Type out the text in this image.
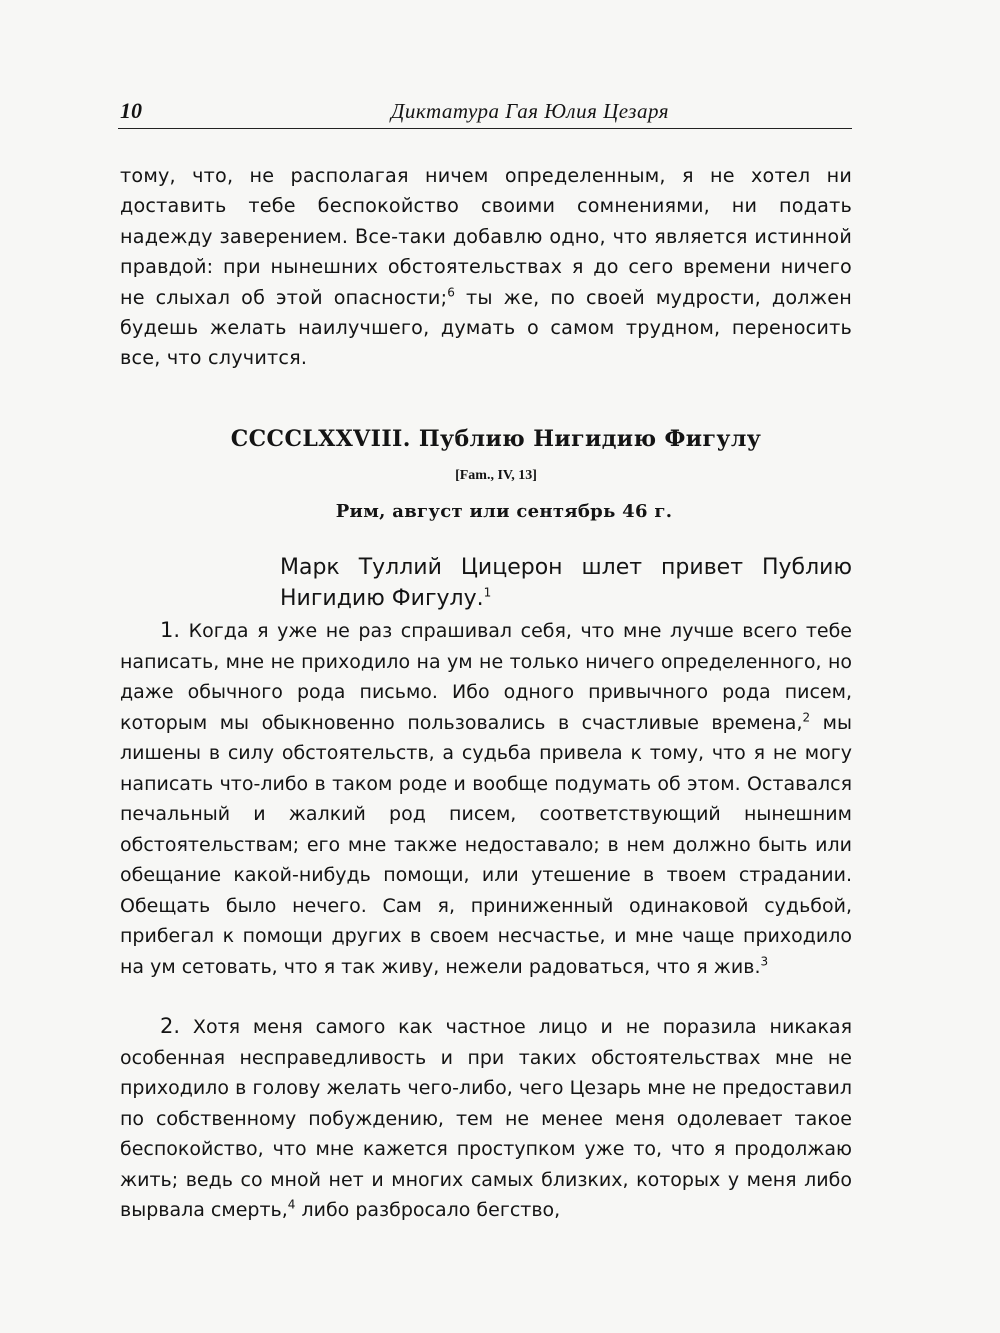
10	Диктатура Гая Юлия Цезаря

тому, что, не располагая ничем определенным, я не хотел ни доставить тебе беспокойство своими сомнениями, ни подать надежду заверением. Все-таки добавлю одно, что является истинной правдой: при нынешних обстоятельствах я до сего времени ничего не слыхал об этой опасности;$^6$ ты же, по своей мудрости, должен будешь желать наилучшего, думать о самом трудном, переносить все, что случится.

CCCCLXXVIII. Публию Нигидию Фигулу
[Fam., IV, 13]
Рим, август или сентябрь 46 г.

Марк Туллий Цицерон шлет привет Публию Нигидию Фигулу.$^1$

1. Когда я уже не раз спрашивал себя, что мне лучше всего тебе написать, мне не приходило на ум не только ничего определенного, но даже обычного рода письмо. Ибо одного привычного рода писем, которым мы обыкновенно пользовались в счастливые времена,$^2$ мы лишены в силу обстоятельств, а судьба привела к тому, что я не могу написать что-либо в таком роде и вообще подумать об этом. Оставался печальный и жалкий род писем, соответствующий нынешним обстоятельствам; его мне также недоставало; в нем должно быть или обещание какой-нибудь помощи, или утешение в твоем страдании. Обещать было нечего. Сам я, приниженный одинаковой судьбой, прибегал к помощи других в своем несчастье, и мне чаще приходило на ум сетовать, что я так живу, нежели радоваться, что я жив.$^3$

2. Хотя меня самого как частное лицо и не поразила никакая особенная несправедливость и при таких обстоятельствах мне не приходило в голову желать чего-либо, чего Цезарь мне не предоставил по собственному побуждению, тем не менее меня одолевает такое беспокойство, что мне кажется проступком уже то, что я продолжаю жить; ведь со мной нет и многих самых близких, которых у меня либо вырвала смерть,$^4$ либо разбросало бегство,
